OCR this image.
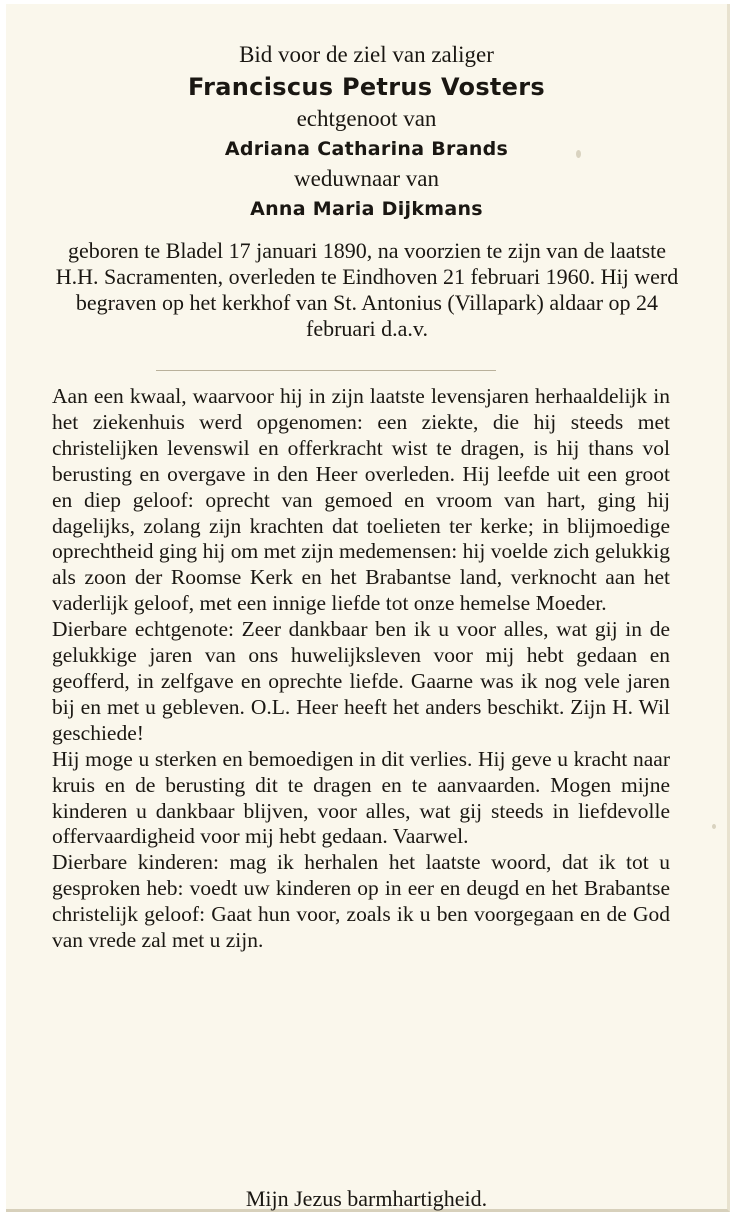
Bid voor de ziel van zaliger
Franciscus Petrus Vosters
echtgenoot van
Adriana Catharina Brands
weduwnaar van
Anna Maria Dijkmans
geboren te Bladel 17 januari 1890, na voorzien te zijn van de laatste H.H. Sacramenten, overleden te Eindhoven 21 februari 1960. Hij werd begraven op het kerkhof van St. Antonius (Villapark) aldaar op 24 februari d.a.v.

Aan een kwaal, waarvoor hij in zijn laatste levensjaren herhaaldelijk in het ziekenhuis werd opgenomen: een ziekte, die hij steeds met christelijken levenswil en offerkracht wist te dragen, is hij thans vol berusting en overgave in den Heer overleden. Hij leefde uit een groot en diep geloof: oprecht van gemoed en vroom van hart, ging hij dagelijks, zolang zijn krachten dat toelieten ter kerke; in blijmoedige oprechtheid ging hij om met zijn medemensen: hij voelde zich gelukkig als zoon der Roomse Kerk en het Brabantse land, verknocht aan het vaderlijk geloof, met een innige liefde tot onze hemelse Moeder.

Dierbare echtgenote: Zeer dankbaar ben ik u voor alles, wat gij in de gelukkige jaren van ons huwelijksleven voor mij hebt gedaan en geofferd, in zelfgave en oprechte liefde. Gaarne was ik nog vele jaren bij en met u gebleven. O.L. Heer heeft het anders beschikt. Zijn H. Wil geschiede!

Hij moge u sterken en bemoedigen in dit verlies. Hij geve u kracht naar kruis en de berusting dit te dragen en te aanvaarden. Mogen mijne kinderen u dankbaar blijven, voor alles, wat gij steeds in liefdevolle offervaardigheid voor mij hebt gedaan. Vaarwel.

Dierbare kinderen: mag ik herhalen het laatste woord, dat ik tot u gesproken heb: voedt uw kinderen op in eer en deugd en het Brabantse christelijk geloof: Gaat hun voor, zoals ik u ben voorgegaan en de God van vrede zal met u zijn.

Mijn Jezus barmhartigheid.
